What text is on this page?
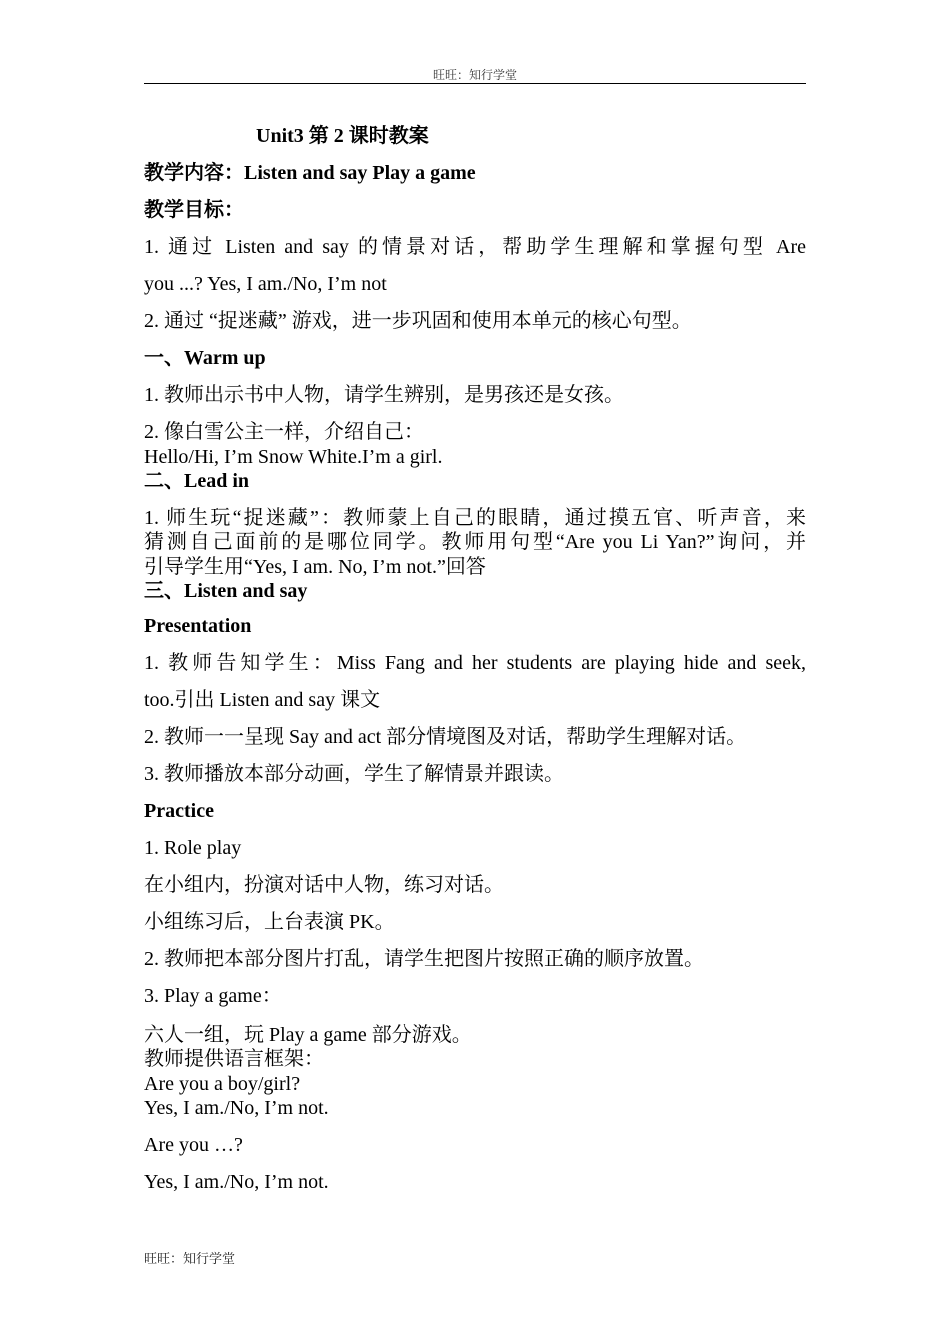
旺旺：知行学堂
Unit3 第 2 课时教案
教学内容：Listen and say Play a game
教学目标：
1. 通过 Listen and say 的情景对话，帮助学生理解和掌握句型 Are
you ...? Yes, I am./No, I’m not
2. 通过 “捉迷藏” 游戏，进一步巩固和使用本单元的核心句型。
一、Warm up
1. 教师出示书中人物，请学生辨别，是男孩还是女孩。
2. 像白雪公主一样，介绍自己：
Hello/Hi, I’m Snow White.I’m a girl.
二、Lead in
1. 师生玩“捉迷藏”：教师蒙上自己的眼睛，通过摸五官、听声音，来
猜测自己面前的是哪位同学。教师用句型“Are you Li Yan?”询问，并
引导学生用“Yes, I am. No, I’m not.”回答
三、Listen and say
Presentation
1. 教师告知学生：Miss Fang and her students are playing hide and seek,
too.引出 Listen and say 课文
2. 教师一一呈现 Say and act 部分情境图及对话，帮助学生理解对话。
3. 教师播放本部分动画，学生了解情景并跟读。
Practice
1. Role play
在小组内，扮演对话中人物，练习对话。
小组练习后，上台表演 PK。
2. 教师把本部分图片打乱，请学生把图片按照正确的顺序放置。
3. Play a game：
六人一组，玩 Play a game 部分游戏。
教师提供语言框架：
Are you a boy/girl?
Yes, I am./No, I’m not.
Are you …?
Yes, I am./No, I’m not.
旺旺：知行学堂
